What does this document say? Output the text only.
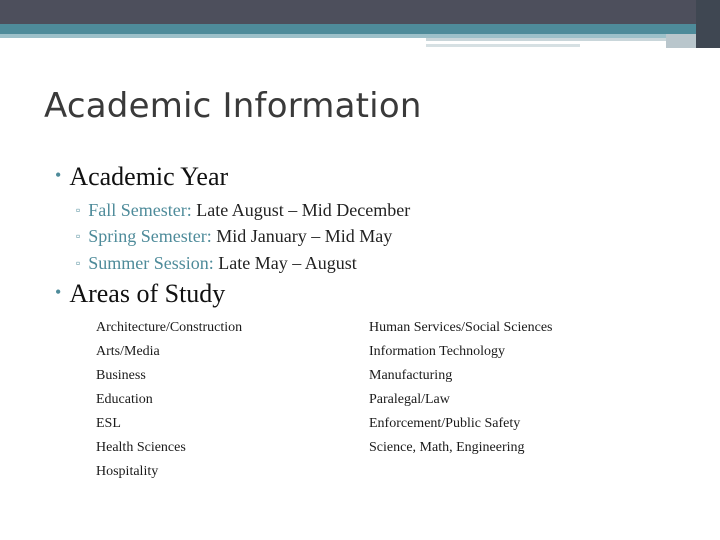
Academic Information
• Academic Year
▫ Fall Semester: Late August – Mid December
▫ Spring Semester: Mid January – Mid May
▫ Summer Session: Late May – August
• Areas of Study
Architecture/Construction	Human Services/Social Sciences
Arts/Media	Information Technology
Business	Manufacturing
Education	Paralegal/Law
ESL	Enforcement/Public Safety
Health Sciences	Science, Math, Engineering
Hospitality
